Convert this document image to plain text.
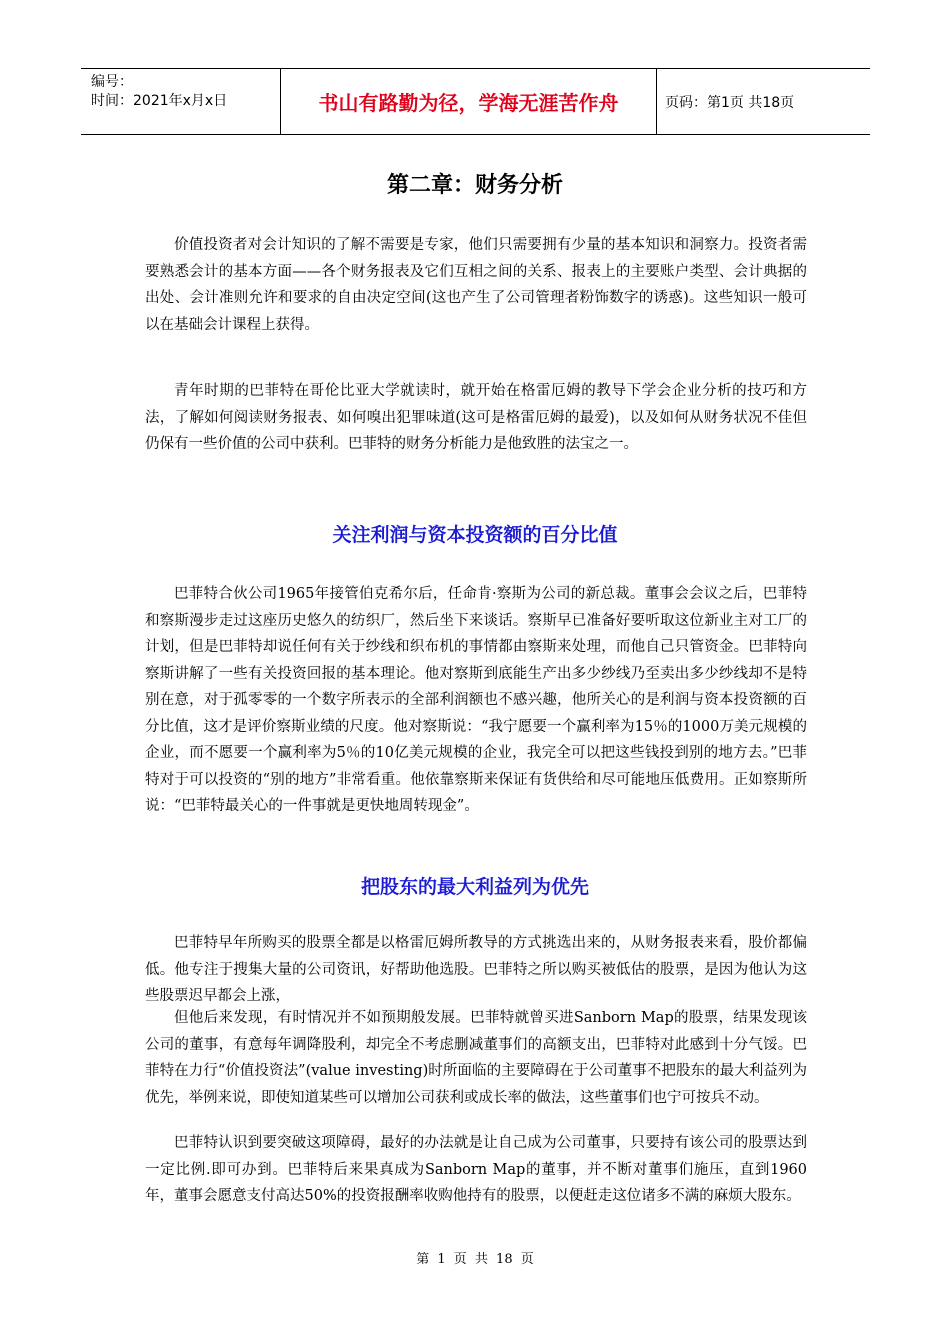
编号：
时间：2021年x月x日	书山有路勤为径，学海无涯苦作舟	页码：第1页 共18页
第二章：财务分析

价值投资者对会计知识的了解不需要是专家，他们只需要拥有少量的基本知识和洞察力。投资者需要熟悉会计的基本方面——各个财务报表及它们互相之间的关系、报表上的主要账户类型、会计典据的出处、会计准则允许和要求的自由决定空间(这也产生了公司管理者粉饰数字的诱惑)。这些知识一般可以在基础会计课程上获得。

青年时期的巴菲特在哥伦比亚大学就读时，就开始在格雷厄姆的教导下学会企业分析的技巧和方法，了解如何阅读财务报表、如何嗅出犯罪味道(这可是格雷厄姆的最爱)，以及如何从财务状况不佳但仍保有一些价值的公司中获利。巴菲特的财务分析能力是他致胜的法宝之一。

关注利润与资本投资额的百分比值

巴菲特合伙公司1965年接管伯克希尔后，任命肯·察斯为公司的新总裁。董事会会议之后，巴菲特和察斯漫步走过这座历史悠久的纺织厂，然后坐下来谈话。察斯早已准备好要听取这位新业主对工厂的计划，但是巴菲特却说任何有关于纱线和织布机的事情都由察斯来处理，而他自己只管资金。巴菲特向察斯讲解了一些有关投资回报的基本理论。他对察斯到底能生产出多少纱线乃至卖出多少纱线却不是特别在意，对于孤零零的一个数字所表示的全部利润额也不感兴趣，他所关心的是利润与资本投资额的百分比值，这才是评价察斯业绩的尺度。他对察斯说：“我宁愿要一个赢利率为15％的1000万美元规模的企业，而不愿要一个赢利率为5％的10亿美元规模的企业，我完全可以把这些钱投到别的地方去。”巴菲特对于可以投资的“别的地方”非常看重。他依靠察斯来保证有货供给和尽可能地压低费用。正如察斯所说：“巴菲特最关心的一件事就是更快地周转现金”。

把股东的最大利益列为优先

巴菲特早年所购买的股票全都是以格雷厄姆所教导的方式挑选出来的，从财务报表来看，股价都偏低。他专注于搜集大量的公司资讯，好帮助他选股。巴菲特之所以购买被低估的股票，是因为他认为这些股票迟早都会上涨，

但他后来发现，有时情况并不如预期般发展。巴菲特就曾买进Sanborn Map的股票，结果发现该公司的董事，有意每年调降股利，却完全不考虑删减董事们的高额支出，巴菲特对此感到十分气馁。巴菲特在力行“价值投资法”(value investing)时所面临的主要障碍在于公司董事不把股东的最大利益列为优先，举例来说，即使知道某些可以增加公司获利或成长率的做法，这些董事们也宁可按兵不动。

巴菲特认识到要突破这项障碍，最好的办法就是让自己成为公司董事，只要持有该公司的股票达到一定比例.即可办到。巴菲特后来果真成为Sanborn Map的董事，并不断对董事们施压，直到1960年，董事会愿意支付高达50%的投资报酬率收购他持有的股票，以便赶走这位诸多不满的麻烦大股东。

第 1 页 共 18 页
